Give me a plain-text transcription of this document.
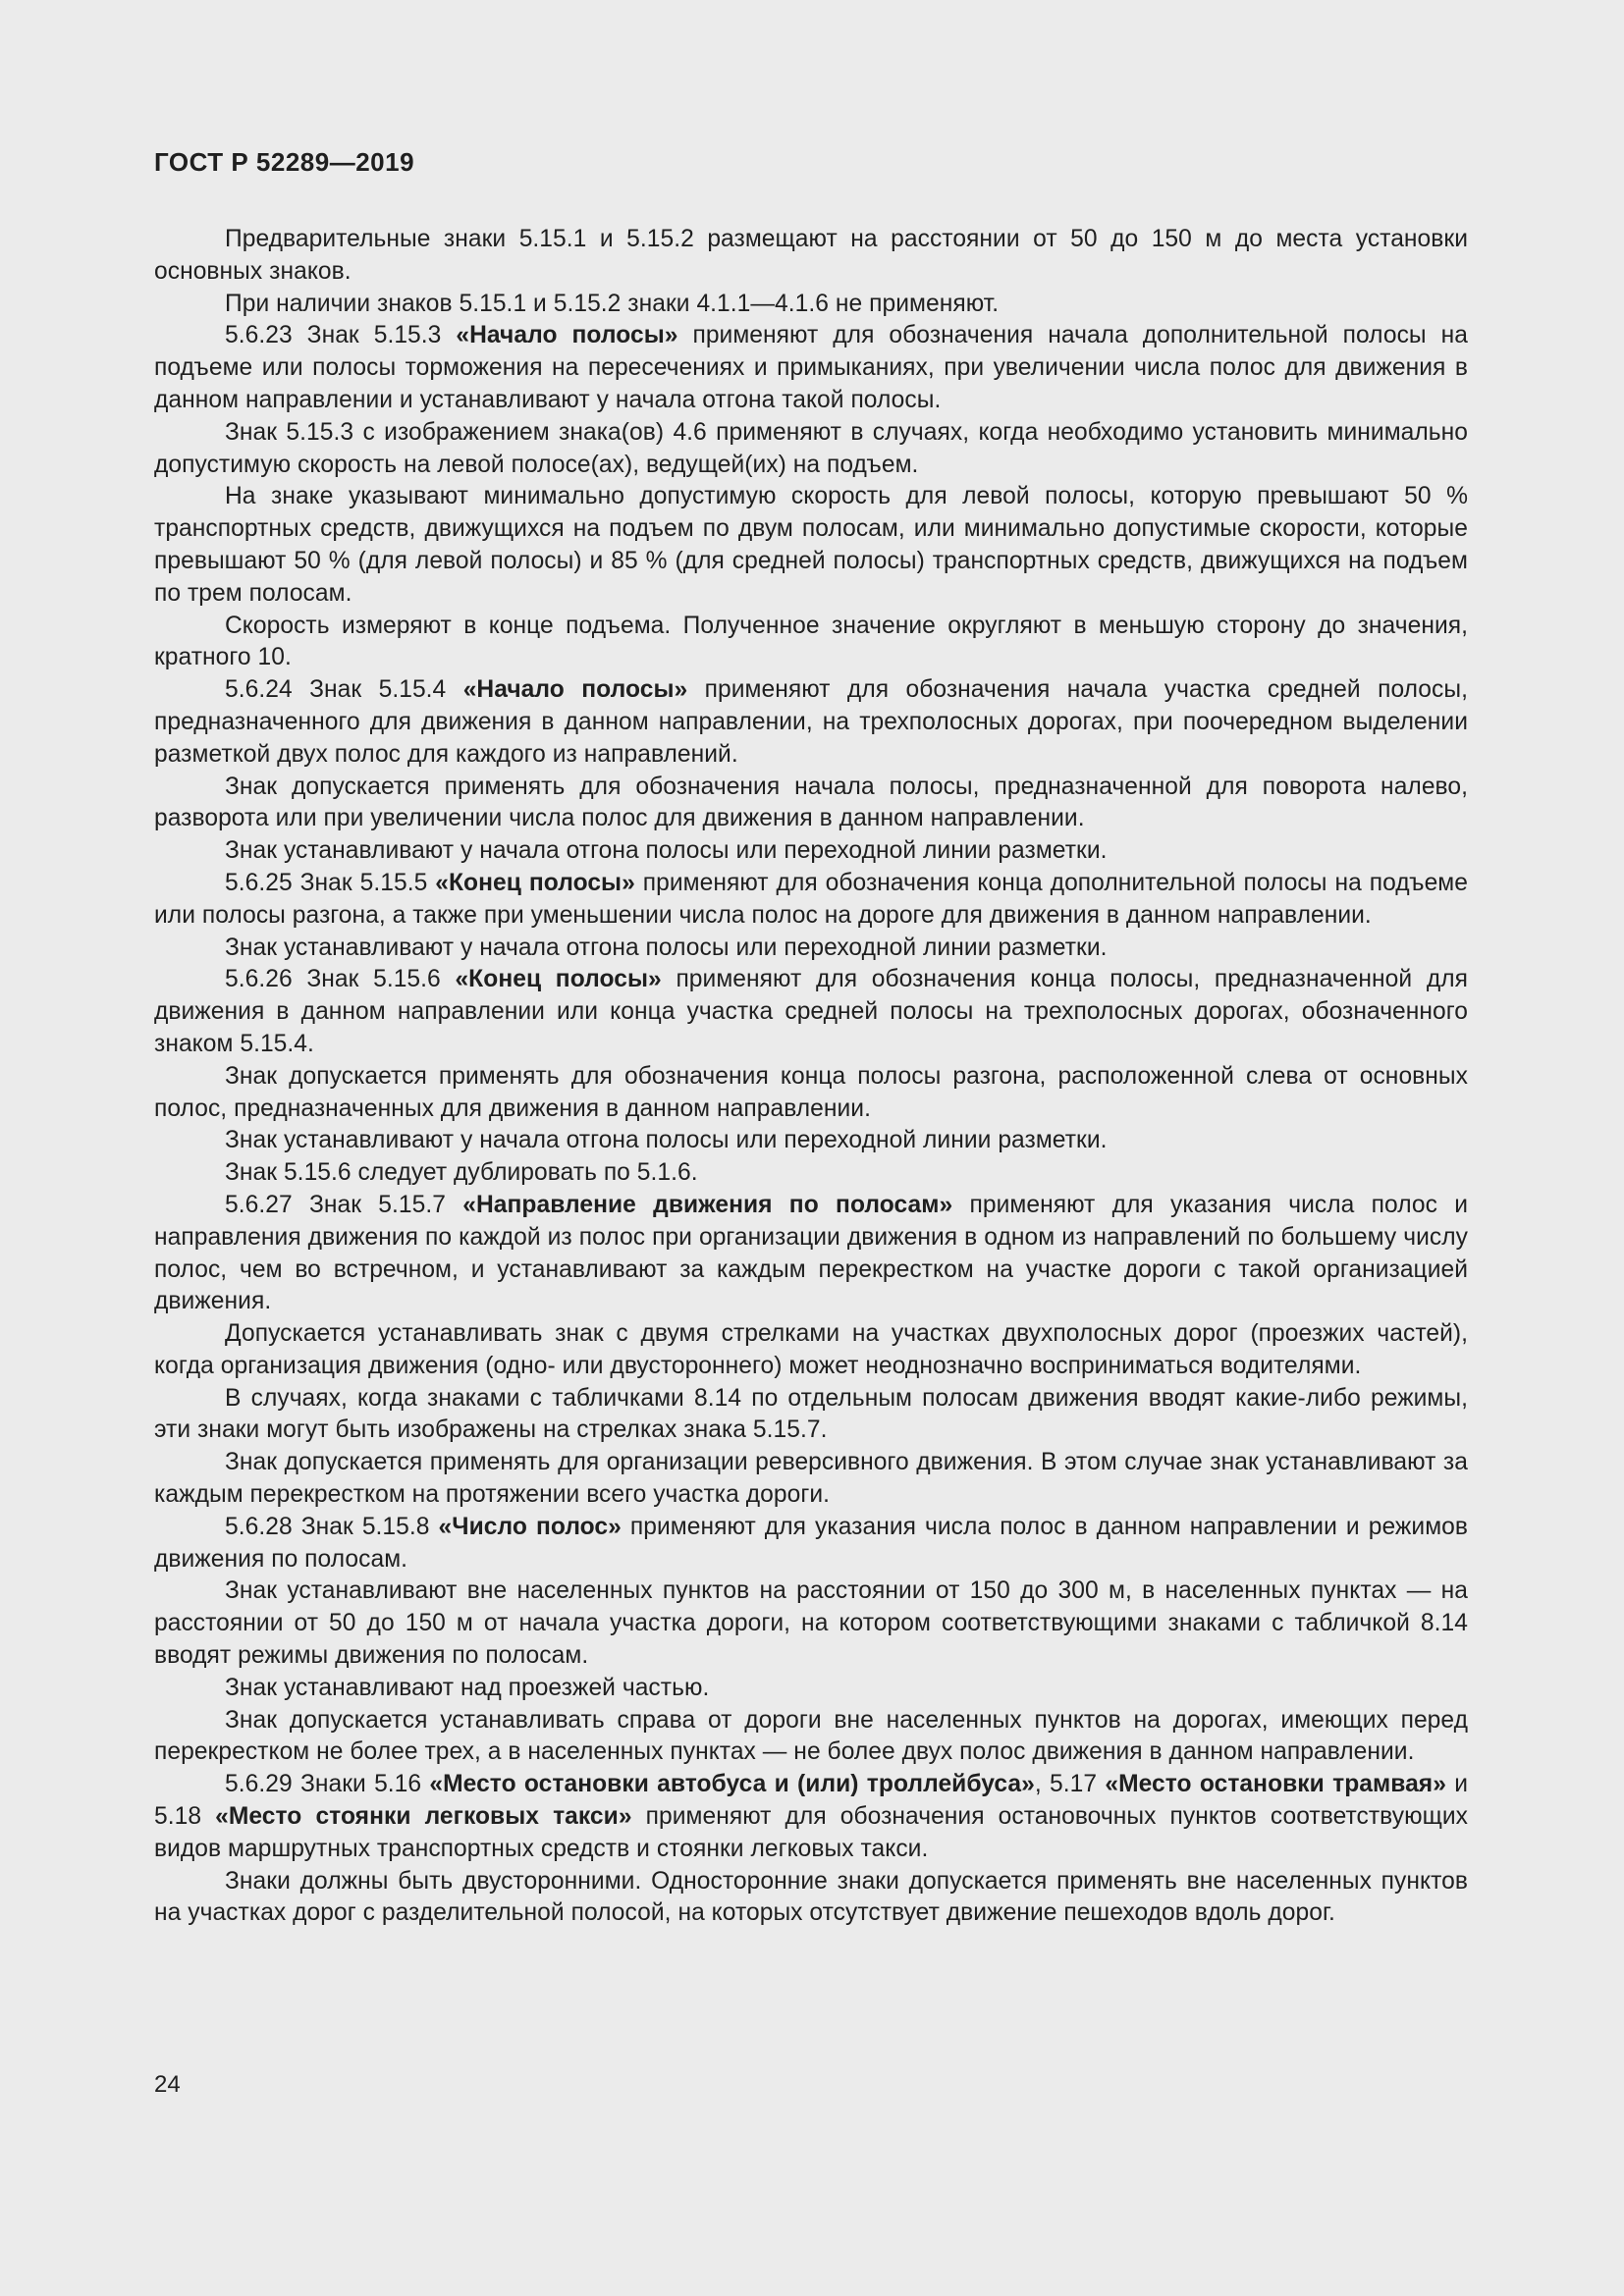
ГОСТ Р 52289—2019

Предварительные знаки 5.15.1 и 5.15.2 размещают на расстоянии от 50 до 150 м до места установки основных знаков.

При наличии знаков 5.15.1 и 5.15.2 знаки 4.1.1—4.1.6 не применяют.

5.6.23 Знак 5.15.3 «Начало полосы» применяют для обозначения начала дополнительной полосы на подъеме или полосы торможения на пересечениях и примыканиях, при увеличении числа полос для движения в данном направлении и устанавливают у начала отгона такой полосы.

Знак 5.15.3 с изображением знака(ов) 4.6 применяют в случаях, когда необходимо установить минимально допустимую скорость на левой полосе(ах), ведущей(их) на подъем.

На знаке указывают минимально допустимую скорость для левой полосы, которую превышают 50 % транспортных средств, движущихся на подъем по двум полосам, или минимально допустимые скорости, которые превышают 50 % (для левой полосы) и 85 % (для средней полосы) транспортных средств, движущихся на подъем по трем полосам.

Скорость измеряют в конце подъема. Полученное значение округляют в меньшую сторону до значения, кратного 10.

5.6.24 Знак 5.15.4 «Начало полосы» применяют для обозначения начала участка средней полосы, предназначенного для движения в данном направлении, на трехполосных дорогах, при поочередном выделении разметкой двух полос для каждого из направлений.

Знак допускается применять для обозначения начала полосы, предназначенной для поворота налево, разворота или при увеличении числа полос для движения в данном направлении.

Знак устанавливают у начала отгона полосы или переходной линии разметки.

5.6.25 Знак 5.15.5 «Конец полосы» применяют для обозначения конца дополнительной полосы на подъеме или полосы разгона, а также при уменьшении числа полос на дороге для движения в данном направлении.

Знак устанавливают у начала отгона полосы или переходной линии разметки.

5.6.26 Знак 5.15.6 «Конец полосы» применяют для обозначения конца полосы, предназначенной для движения в данном направлении или конца участка средней полосы на трехполосных дорогах, обозначенного знаком 5.15.4.

Знак допускается применять для обозначения конца полосы разгона, расположенной слева от основных полос, предназначенных для движения в данном направлении.

Знак устанавливают у начала отгона полосы или переходной линии разметки.

Знак 5.15.6 следует дублировать по 5.1.6.

5.6.27 Знак 5.15.7 «Направление движения по полосам» применяют для указания числа полос и направления движения по каждой из полос при организации движения в одном из направлений по большему числу полос, чем во встречном, и устанавливают за каждым перекрестком на участке дороги с такой организацией движения.

Допускается устанавливать знак с двумя стрелками на участках двухполосных дорог (проезжих частей), когда организация движения (одно- или двустороннего) может неоднозначно восприниматься водителями.

В случаях, когда знаками с табличками 8.14 по отдельным полосам движения вводят какие-либо режимы, эти знаки могут быть изображены на стрелках знака 5.15.7.

Знак допускается применять для организации реверсивного движения. В этом случае знак устанавливают за каждым перекрестком на протяжении всего участка дороги.

5.6.28 Знак 5.15.8 «Число полос» применяют для указания числа полос в данном направлении и режимов движения по полосам.

Знак устанавливают вне населенных пунктов на расстоянии от 150 до 300 м, в населенных пунктах — на расстоянии от 50 до 150 м от начала участка дороги, на котором соответствующими знаками с табличкой 8.14 вводят режимы движения по полосам.

Знак устанавливают над проезжей частью.

Знак допускается устанавливать справа от дороги вне населенных пунктов на дорогах, имеющих перед перекрестком не более трех, а в населенных пунктах — не более двух полос движения в данном направлении.

5.6.29 Знаки 5.16 «Место остановки автобуса и (или) троллейбуса», 5.17 «Место остановки трамвая» и 5.18 «Место стоянки легковых такси» применяют для обозначения остановочных пунктов соответствующих видов маршрутных транспортных средств и стоянки легковых такси.

Знаки должны быть двусторонними. Односторонние знаки допускается применять вне населенных пунктов на участках дорог с разделительной полосой, на которых отсутствует движение пешеходов вдоль дорог.

24
